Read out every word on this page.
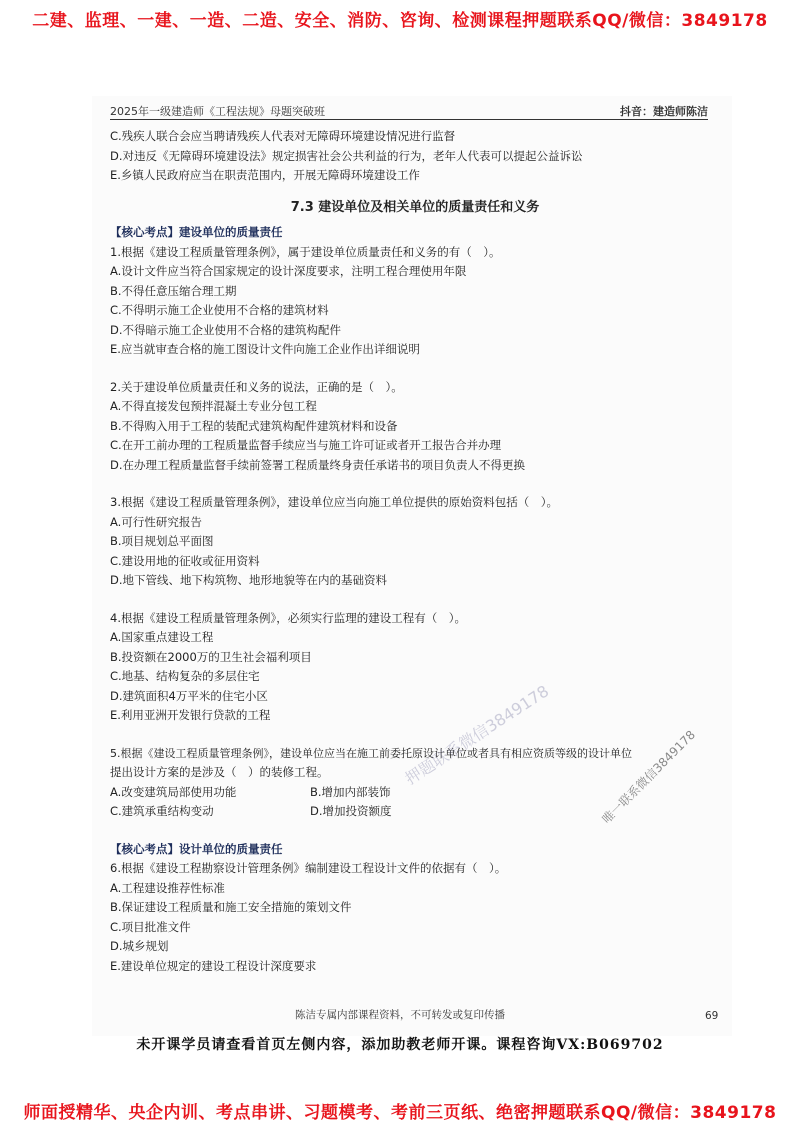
二建、监理、一建、一造、二造、安全、消防、咨询、检测课程押题联系QQ/微信：3849178
2025年一级建造师《工程法规》母题突破班	抖音：建造师陈洁

C.残疾人联合会应当聘请残疾人代表对无障碍环境建设情况进行监督

D.对违反《无障碍环境建设法》规定损害社会公共利益的行为，老年人代表可以提起公益诉讼

E.乡镇人民政府应当在职责范围内，开展无障碍环境建设工作

7.3 建设单位及相关单位的质量责任和义务

【核心考点】建设单位的质量责任

1.根据《建设工程质量管理条例》，属于建设单位质量责任和义务的有（　）。

A.设计文件应当符合国家规定的设计深度要求，注明工程合理使用年限

B.不得任意压缩合理工期

C.不得明示施工企业使用不合格的建筑材料

D.不得暗示施工企业使用不合格的建筑构配件

E.应当就审查合格的施工图设计文件向施工企业作出详细说明

2.关于建设单位质量责任和义务的说法，正确的是（　）。

A.不得直接发包预拌混凝土专业分包工程

B.不得购入用于工程的装配式建筑构配件建筑材料和设备

C.在开工前办理的工程质量监督手续应当与施工许可证或者开工报告合并办理

D.在办理工程质量监督手续前签署工程质量终身责任承诺书的项目负责人不得更换

3.根据《建设工程质量管理条例》，建设单位应当向施工单位提供的原始资料包括（　）。

A.可行性研究报告

B.项目规划总平面图

C.建设用地的征收或征用资料

D.地下管线、地下构筑物、地形地貌等在内的基础资料

4.根据《建设工程质量管理条例》，必须实行监理的建设工程有（　）。

A.国家重点建设工程

B.投资额在2000万的卫生社会福利项目

C.地基、结构复杂的多层住宅

D.建筑面积4万平米的住宅小区

E.利用亚洲开发银行贷款的工程

5.根据《建设工程质量管理条例》，建设单位应当在施工前委托原设计单位或者具有相应资质等级的设计单位

提出设计方案的是涉及（　）的装修工程。

A.改变建筑局部使用功能	B.增加内部装饰
C.建筑承重结构变动	D.增加投资额度

【核心考点】设计单位的质量责任

6.根据《建设工程勘察设计管理条例》编制建设工程设计文件的依据有（　）。

A.工程建设推荐性标准

B.保证建设工程质量和施工安全措施的策划文件

C.项目批准文件

D.城乡规划

E.建设单位规定的建设工程设计深度要求

押题联系微信3849178	唯一联系微信3849178
陈洁专属内部课程资料，不可转发或复印传播	69
未开课学员请查看首页左侧内容，添加助教老师开课。课程咨询VX:B069702
师面授精华、央企内训、考点串讲、习题模考、考前三页纸、绝密押题联系QQ/微信：3849178
